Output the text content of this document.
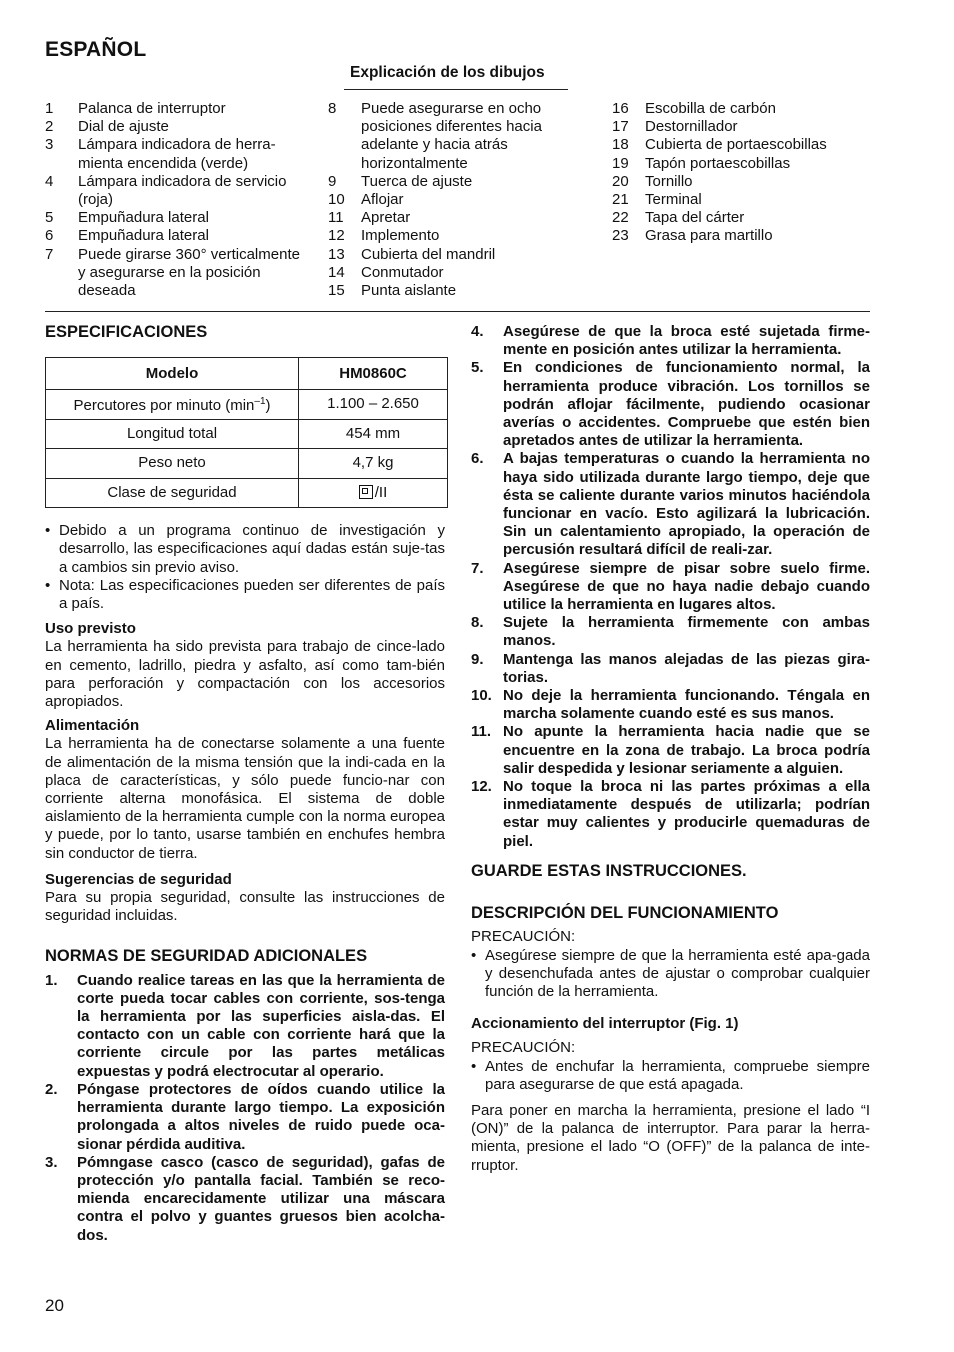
ESPAÑOL
Explicación de los dibujos
1	Palanca de interruptor
2	Dial de ajuste
3	Lámpara indicadora de herra-mienta encendida (verde)
4	Lámpara indicadora de servicio (roja)
5	Empuñadura lateral
6	Empuñadura lateral
7	Puede girarse 360° verticalmente y asegurarse en la posición deseada
8	Puede asegurarse en ocho posiciones diferentes hacia adelante y hacia atrás horizontalmente
9	Tuerca de ajuste
10	Aflojar
11	Apretar
12	Implemento
13	Cubierta del mandril
14	Conmutador
15	Punta aislante
16	Escobilla de carbón
17	Destornillador
18	Cubierta de portaescobillas
19	Tapón portaescobillas
20	Tornillo
21	Terminal
22	Tapa del cárter
23	Grasa para martillo
ESPECIFICACIONES
Modelo	HM0860C
Percutores por minuto $(\min^{-1})$	1.100 – 2.650
Longitud total	454 mm
Peso neto	4,7 kg
Clase de seguridad	/II
• Debido a un programa continuo de investigación y desarrollo, las especificaciones aquí dadas están suje-tas a cambios sin previo aviso.
• Nota: Las especificaciones pueden ser diferentes de país a país.
Uso previsto
La herramienta ha sido prevista para trabajo de cince-lado en cemento, ladrillo, piedra y asfalto, así como tam-bién para perforación y compactación con los accesorios apropiados.
Alimentación
La herramienta ha de conectarse solamente a una fuente de alimentación de la misma tensión que la indi-cada en la placa de características, y sólo puede funcio-nar con corriente alterna monofásica. El sistema de doble aislamiento de la herramienta cumple con la norma europea y puede, por lo tanto, usarse también en enchufes hembra sin conductor de tierra.
Sugerencias de seguridad
Para su propia seguridad, consulte las instrucciones de seguridad incluidas.
NORMAS DE SEGURIDAD ADICIONALES
1.	Cuando realice tareas en las que la herramienta de corte pueda tocar cables con corriente, sos-tenga la herramienta por las superficies aisla-das. El contacto con un cable con corriente hará que la corriente circule por las partes metálicas expuestas y podrá electrocutar al operario.
2.	Póngase protectores de oídos cuando utilice la herramienta durante largo tiempo. La exposición prolongada a altos niveles de ruido puede oca-sionar pérdida auditiva.
3.	Pómngase casco (casco de seguridad), gafas de protección y/o pantalla facial. También se reco-mienda encarecidamente utilizar una máscara contra el polvo y guantes gruesos bien acolcha-dos.
4.	Asegúrese de que la broca esté sujetada firme-mente en posición antes utilizar la herramienta.
5.	En condiciones de funcionamiento normal, la herramienta produce vibración. Los tornillos se podrán aflojar fácilmente, pudiendo ocasionar averías o accidentes. Compruebe que estén bien apretados antes de utilizar la herramienta.
6.	A bajas temperaturas o cuando la herramienta no haya sido utilizada durante largo tiempo, deje que ésta se caliente durante varios minutos haciéndola funcionar en vacío. Esto agilizará la lubricación. Sin un calentamiento apropiado, la operación de percusión resultará difícil de reali-zar.
7.	Asegúrese siempre de pisar sobre suelo firme. Asegúrese de que no haya nadie debajo cuando utilice la herramienta en lugares altos.
8.	Sujete la herramienta firmemente con ambas manos.
9.	Mantenga las manos alejadas de las piezas gira-torias.
10. No deje la herramienta funcionando. Téngala en marcha solamente cuando esté es sus manos.
11. No apunte la herramienta hacia nadie que se encuentre en la zona de trabajo. La broca podría salir despedida y lesionar seriamente a alguien.
12. No toque la broca ni las partes próximas a ella inmediatamente después de utilizarla; podrían estar muy calientes y producirle quemaduras de piel.
GUARDE ESTAS INSTRUCCIONES.
DESCRIPCIÓN DEL FUNCIONAMIENTO
PRECAUCIÓN:
• Asegúrese siempre de que la herramienta esté apa-gada y desenchufada antes de ajustar o comprobar cualquier función de la herramienta.
Accionamiento del interruptor (Fig. 1)
PRECAUCIÓN:
• Antes de enchufar la herramienta, compruebe siempre para asegurarse de que está apagada.
Para poner en marcha la herramienta, presione el lado “I (ON)” de la palanca de interruptor. Para parar la herra-mienta, presione el lado “O (OFF)” de la palanca de inte-rruptor.
20
